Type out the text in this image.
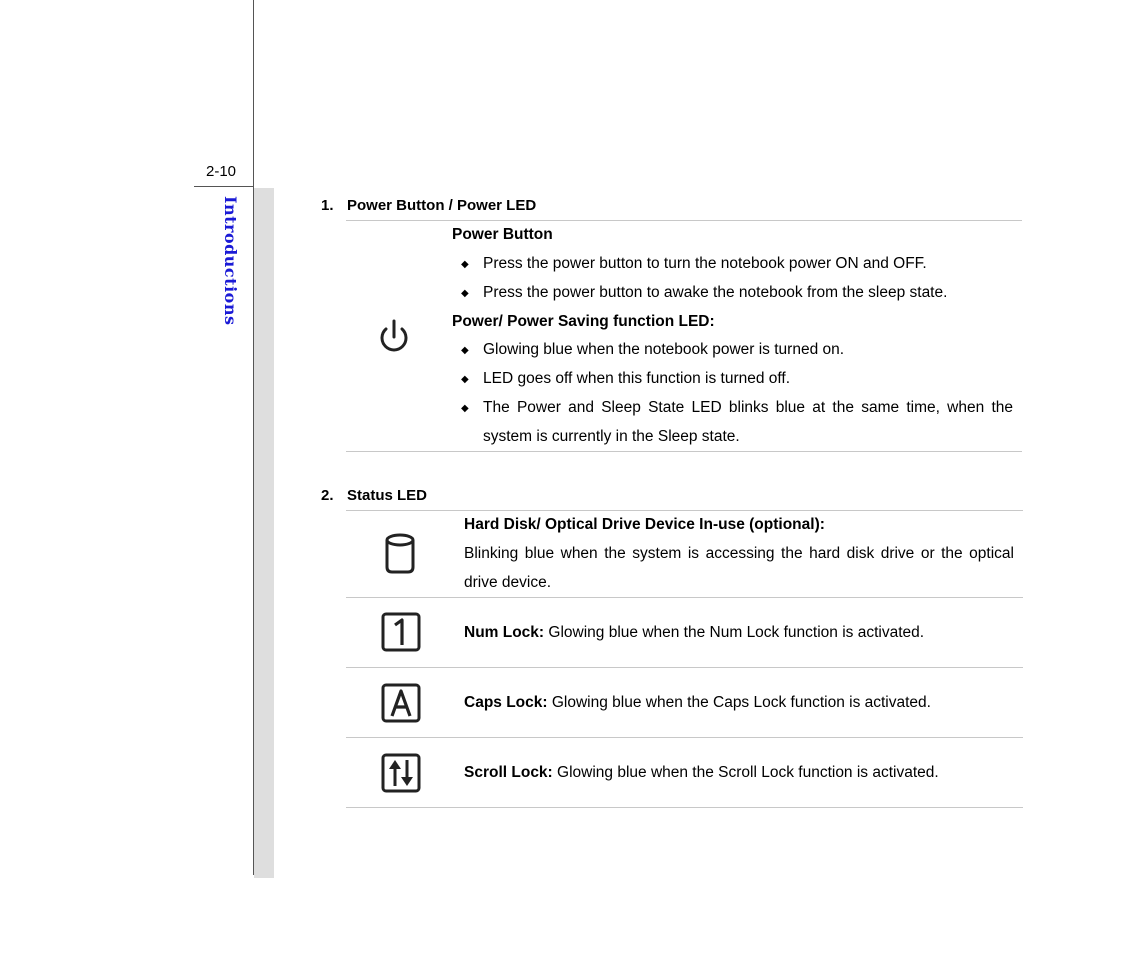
2-10
Introductions	1. Power Button / Power LED
Power Button
◆ Press the power button to turn the notebook power ON and OFF.
◆ Press the power button to awake the notebook from the sleep state.
Power/ Power Saving function LED:
◆ Glowing blue when the notebook power is turned on.
◆ LED goes off when this function is turned off.
◆ The Power and Sleep State LED blinks blue at the same time, when the
system is currently in the Sleep state.
2. Status LED
Hard Disk/ Optical Drive Device In-use (optional):
Blinking blue when the system is accessing the hard disk drive or the optical
drive device.
Num Lock: Glowing blue when the Num Lock function is activated.
Caps Lock: Glowing blue when the Caps Lock function is activated.
Scroll Lock: Glowing blue when the Scroll Lock function is activated.
